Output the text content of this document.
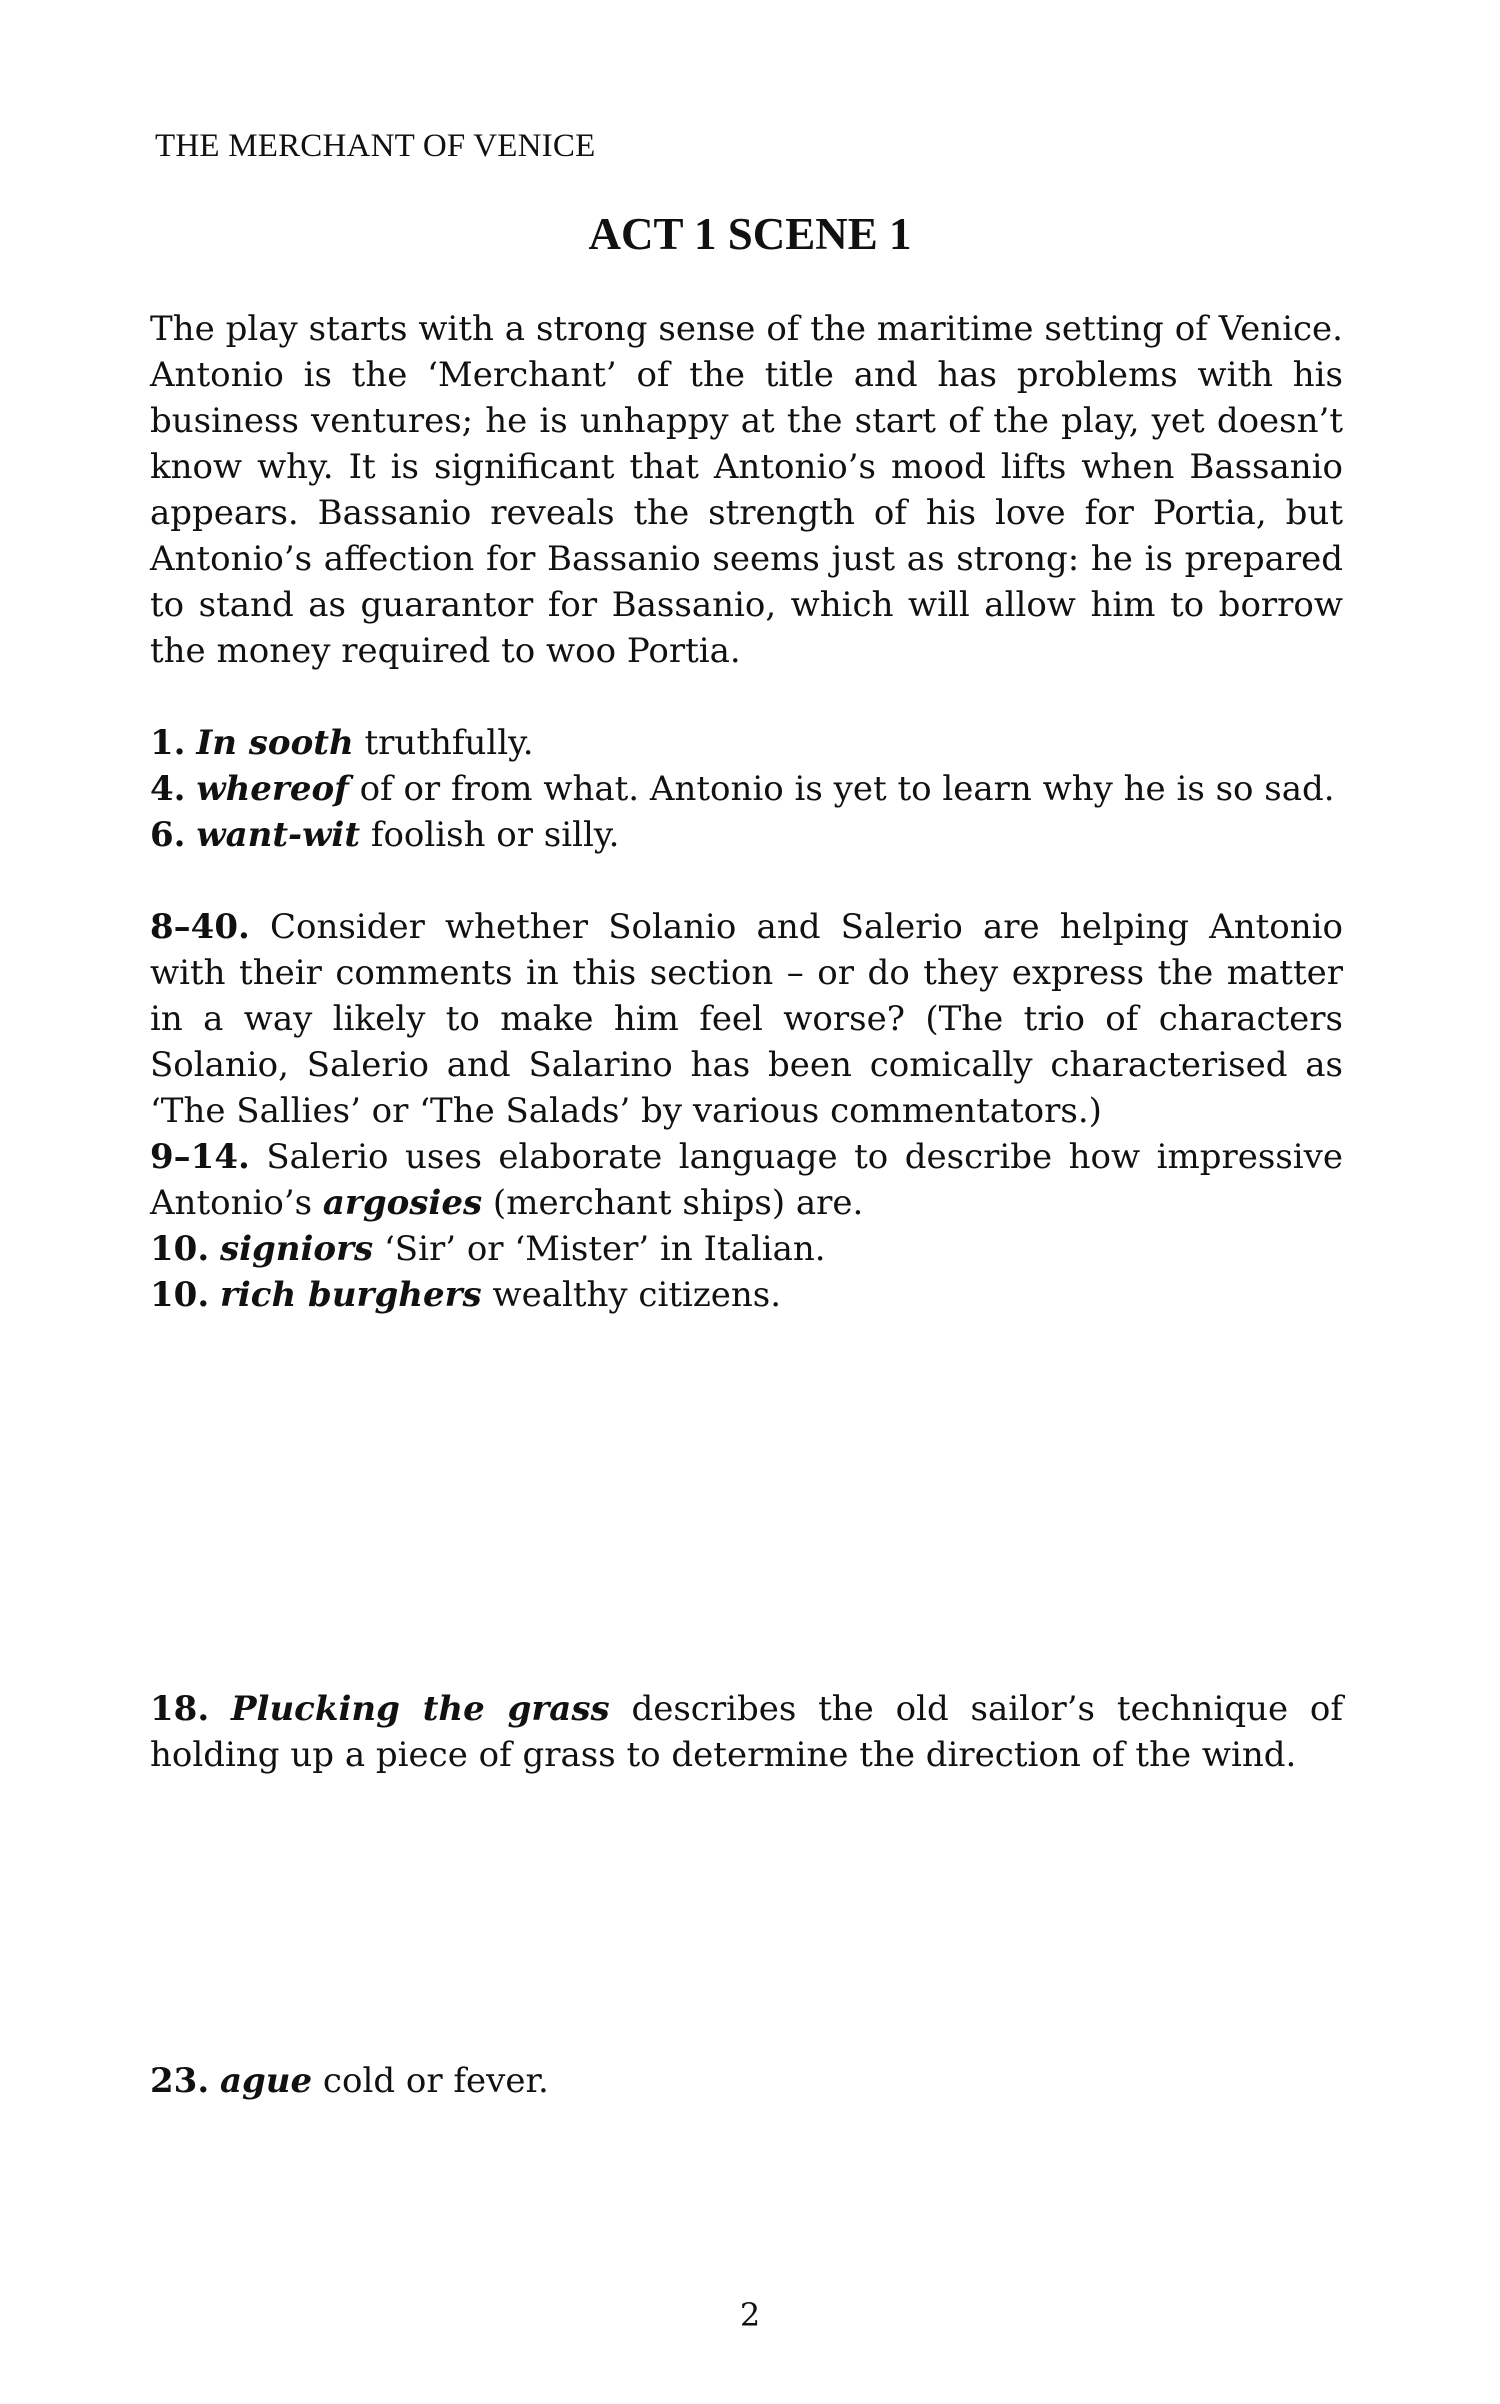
THE MERCHANT OF VENICE

ACT 1 SCENE 1

The play starts with a strong sense of the maritime setting of Venice. Antonio is the ‘Merchant’ of the title and has problems with his business ventures; he is unhappy at the start of the play, yet doesn’t know why. It is significant that Antonio’s mood lifts when Bassanio appears. Bassanio reveals the strength of his love for Portia, but Antonio’s affection for Bassanio seems just as strong: he is prepared to stand as guarantor for Bassanio, which will allow him to borrow the money required to woo Portia.

1. In sooth truthfully.

4. whereof of or from what. Antonio is yet to learn why he is so sad.

6. want-wit foolish or silly.

8–40. Consider whether Solanio and Salerio are helping Antonio with their comments in this section – or do they express the matter in a way likely to make him feel worse? (The trio of characters Solanio, Salerio and Salarino has been comically characterised as ‘The Sallies’ or ‘The Salads’ by various commentators.)

9–14. Salerio uses elaborate language to describe how impressive Antonio’s argosies (merchant ships) are.

10. signiors ‘Sir’ or ‘Mister’ in Italian.

10. rich burghers wealthy citizens.

18. Plucking the grass describes the old sailor’s technique of holding up a piece of grass to determine the direction of the wind.

23. ague cold or fever.

2
